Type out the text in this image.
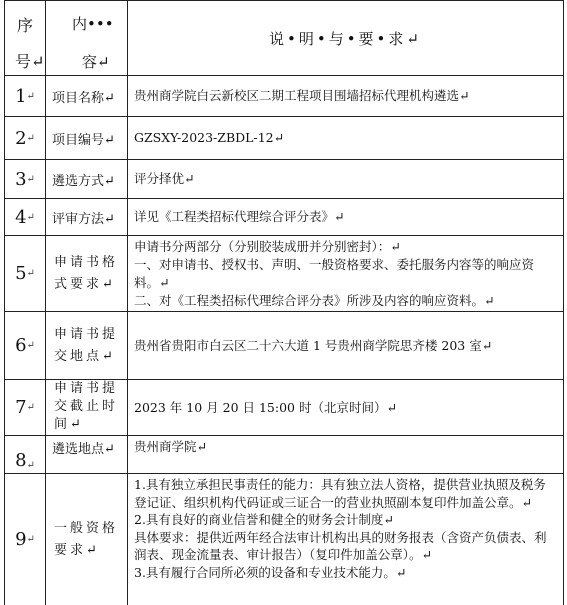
序
号↵
内•••
容↵
说•明•与•要•求↵
1 ↵ 项目名称↵ 贵州商学院白云新校区二期工程项目围墙招标代理机构遴选↵
2 ↵ 项目编号↵ GZSXY-2023-ZBDL-12↵
3 ↵ 遴选方式↵ 评分择优↵
4 ↵ 评审方法↵ 详见《工程类招标代理综合评分表》↵
5 ↵

申请书格

式要求↵

申请书分两部分（分别胶装成册并分别密封）：↵

一、对申请书、授权书、声明、一般资格要求、委托服务内容等的响应资料。↵

二、对《工程类招标代理综合评分表》所涉及内容的响应资料。↵

6 ↵

申请书提

交地点↵

贵州省贵阳市白云区二十六大道 1 号贵州商学院思齐楼 203 室↵
7 ↵

申请书提

交截止时

间↵

2023 年 10 月 20 日 15:00 时（北京时间）↵
8 ↵
遴选地点↵	贵州商学院↵
9 ↵

一般资格

要求↵

1.具有独立承担民事责任的能力：具有独立法人资格，提供营业执照及税务登记证、组织机构代码证或三证合一的营业执照副本复印件加盖公章。↵

2.具有良好的商业信誉和健全的财务会计制度↵

具体要求：提供近两年经合法审计机构出具的财务报表（含资产负债表、利润表、现金流量表、审计报告）（复印件加盖公章）。↵

3.具有履行合同所必须的设备和专业技术能力。↵
